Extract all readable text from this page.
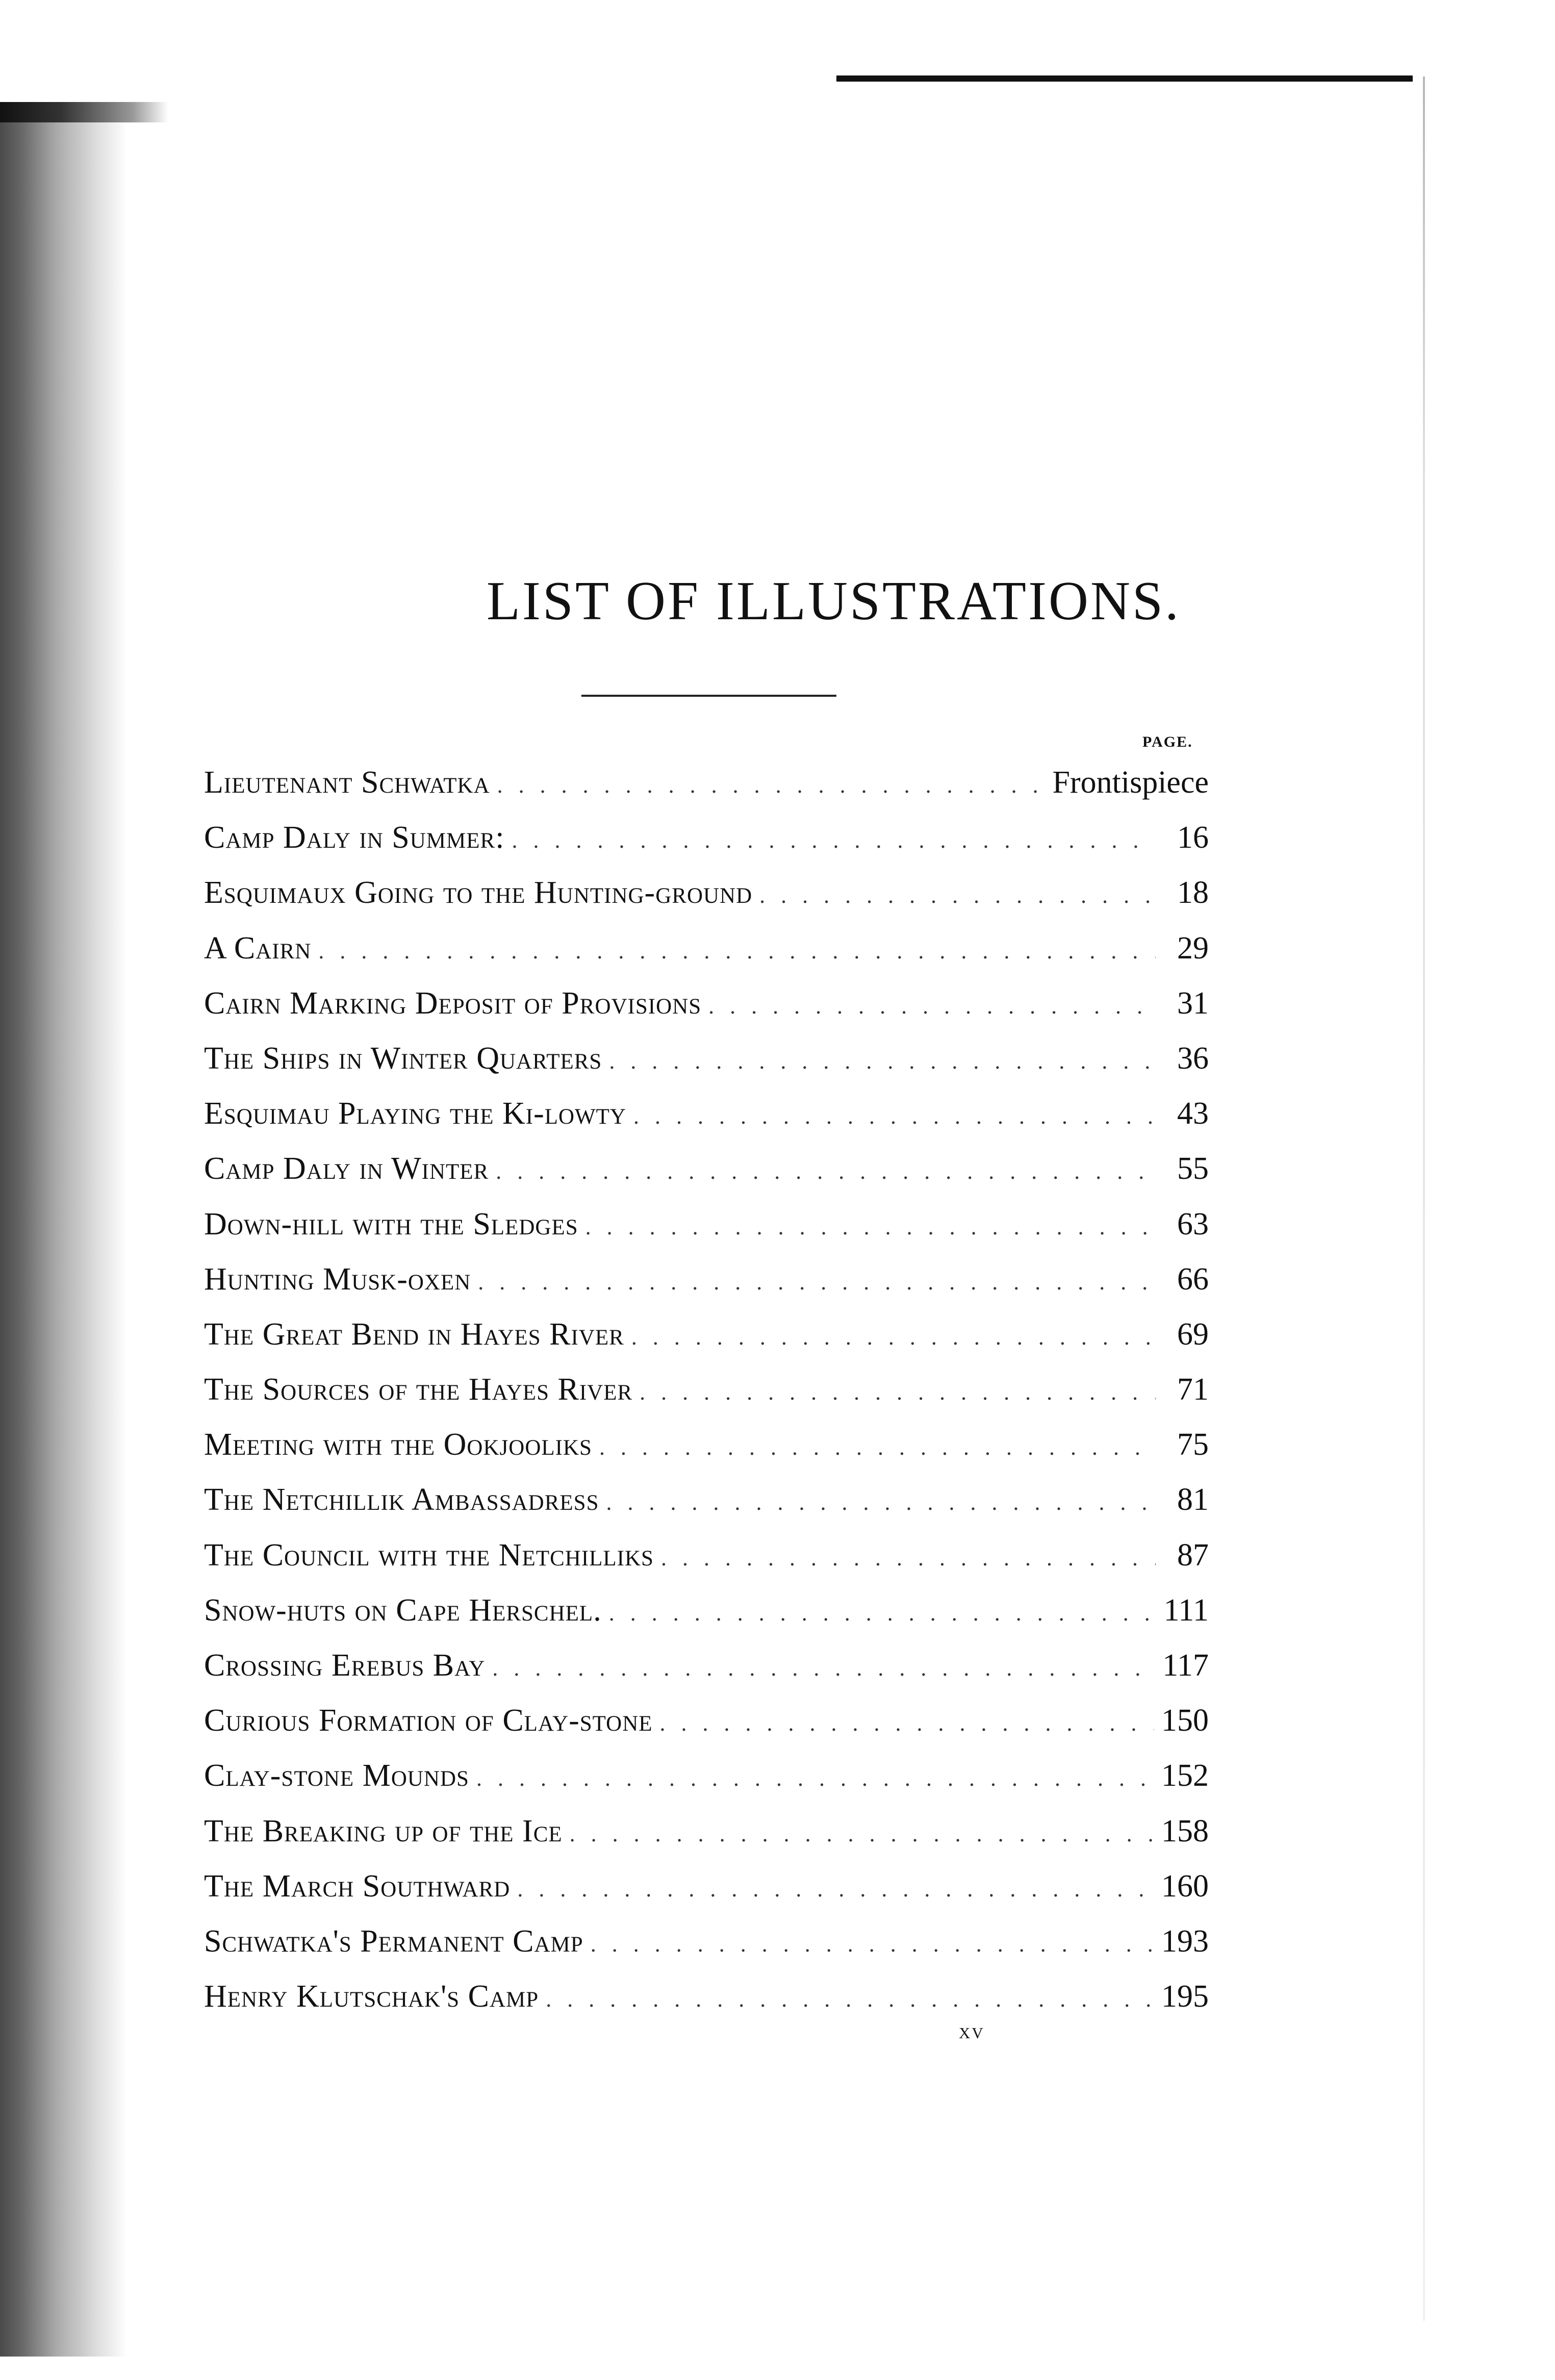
LIST OF ILLUSTRATIONS.
PAGE.
Lieutenant Schwatka . . .	Frontispiece
Camp Daly in Summer: . . .	16
Esquimaux Going to the Hunting-ground . . .	18
A Cairn . . .	29
Cairn Marking Deposit of Provisions . . .	31
The Ships in Winter Quarters . . .	36
Esquimau Playing the Ki-lowty . . .	43
Camp Daly in Winter . . .	55
Down-hill with the Sledges . . .	63
Hunting Musk-oxen . . .	66
The Great Bend in Hayes River . . .	69
The Sources of the Hayes River . . .	71
Meeting with the Ookjooliks . . .	75
The Netchillik Ambassadress . . .	81
The Council with the Netchilliks . . .	87
Snow-huts on Cape Herschel. . . .	111
Crossing Erebus Bay . . .	117
Curious Formation of Clay-stone . . .	150
Clay-stone Mounds . . .	152
The Breaking up of the Ice . . .	158
The March Southward . . .	160
Schwatka's Permanent Camp . . .	193
Henry Klutschak's Camp . . .	195
xv
